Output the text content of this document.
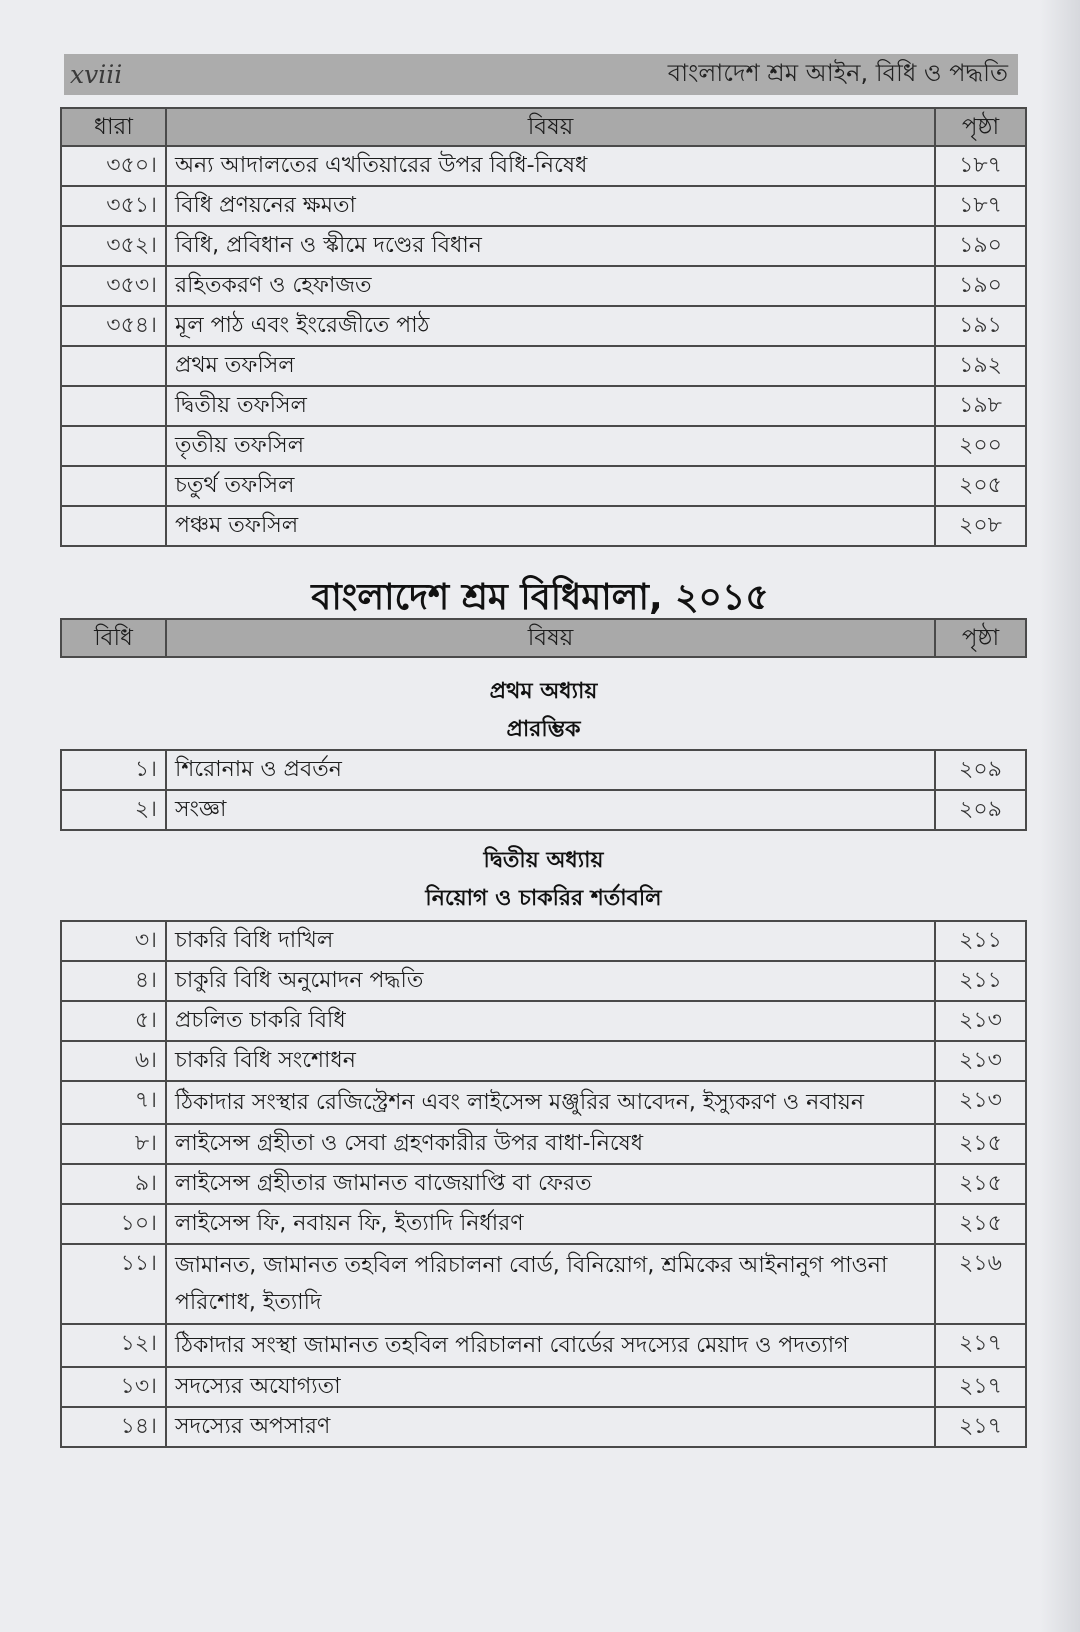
xviii	বাংলাদেশ শ্রম আইন, বিধি ও পদ্ধতি
ধারা	বিষয়	পৃষ্ঠা
৩৫০।	অন্য আদালতের এখতিয়ারের উপর বিধি-নিষেধ	১৮৭
৩৫১।	বিধি প্রণয়নের ক্ষমতা	১৮৭
৩৫২।	বিধি, প্রবিধান ও স্কীমে দণ্ডের বিধান	১৯০
৩৫৩।	রহিতকরণ ও হেফাজত	১৯০
৩৫৪।	মূল পাঠ এবং ইংরেজীতে পাঠ	১৯১
	প্রথম তফসিল	১৯২
	দ্বিতীয় তফসিল	১৯৮
	তৃতীয় তফসিল	২০০
	চতুর্থ তফসিল	২০৫
	পঞ্চম তফসিল	২০৮
বাংলাদেশ শ্রম বিধিমালা, ২০১৫
বিধি	বিষয়	পৃষ্ঠা
প্রথম অধ্যায়
প্রারম্ভিক
১।	শিরোনাম ও প্রবর্তন	২০৯
২।	সংজ্ঞা	২০৯
দ্বিতীয় অধ্যায়
নিয়োগ ও চাকরির শর্তাবলি
৩।	চাকরি বিধি দাখিল	২১১
৪।	চাকুরি বিধি অনুমোদন পদ্ধতি	২১১
৫।	প্রচলিত চাকরি বিধি	২১৩
৬।	চাকরি বিধি সংশোধন	২১৩
৭।	ঠিকাদার সংস্থার রেজিস্ট্রেশন এবং লাইসেন্স মঞ্জুরির আবেদন, ইস্যুকরণ ও নবায়ন	২১৩
৮।	লাইসেন্স গ্রহীতা ও সেবা গ্রহণকারীর উপর বাধা-নিষেধ	২১৫
৯।	লাইসেন্স গ্রহীতার জামানত বাজেয়াপ্তি বা ফেরত	২১৫
১০।	লাইসেন্স ফি, নবায়ন ফি, ইত্যাদি নির্ধারণ	২১৫
১১।	জামানত, জামানত তহবিল পরিচালনা বোর্ড, বিনিয়োগ, শ্রমিকের আইনানুগ পাওনা পরিশোধ, ইত্যাদি	২১৬
১২।	ঠিকাদার সংস্থা জামানত তহবিল পরিচালনা বোর্ডের সদস্যের মেয়াদ ও পদত্যাগ	২১৭
১৩।	সদস্যের অযোগ্যতা	২১৭
১৪।	সদস্যের অপসারণ	২১৭
